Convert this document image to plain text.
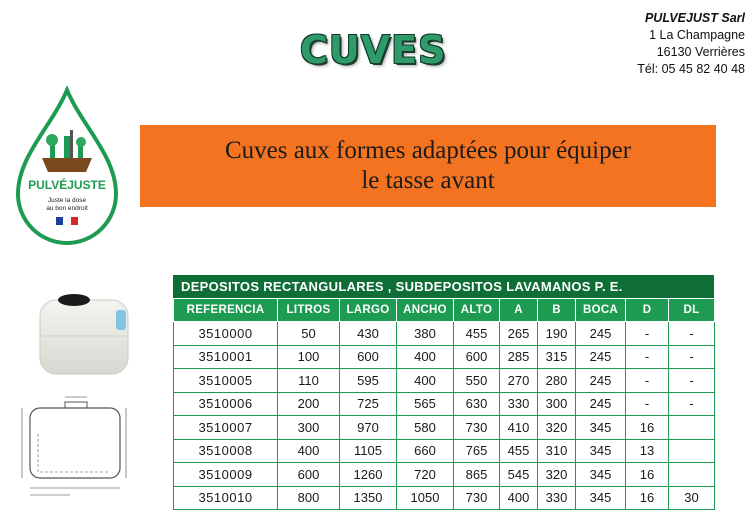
CUVES
PULVEJUST Sarl
1 La Champagne
16130 Verrières
Tél: 05 45 82 40 48
PULVÉJUSTE
Juste la dose
au bon endroit
Cuves aux formes adaptées pour équiper
le tasse avant
DEPOSITOS RECTANGULARES , SUBDEPOSITOS LAVAMANOS P. E.
REFERENCIA	LITROS	LARGO	ANCHO	ALTO	A	B	BOCA	D	DL
3510000	50	430	380	455	265	190	245	-	-
3510001	100	600	400	600	285	315	245	-	-
3510005	110	595	400	550	270	280	245	-	-
3510006	200	725	565	630	330	300	245	-	-
3510007	300	970	580	730	410	320	345	16	
3510008	400	1105	660	765	455	310	345	13	
3510009	600	1260	720	865	545	320	345	16	
3510010	800	1350	1050	730	400	330	345	16	30
